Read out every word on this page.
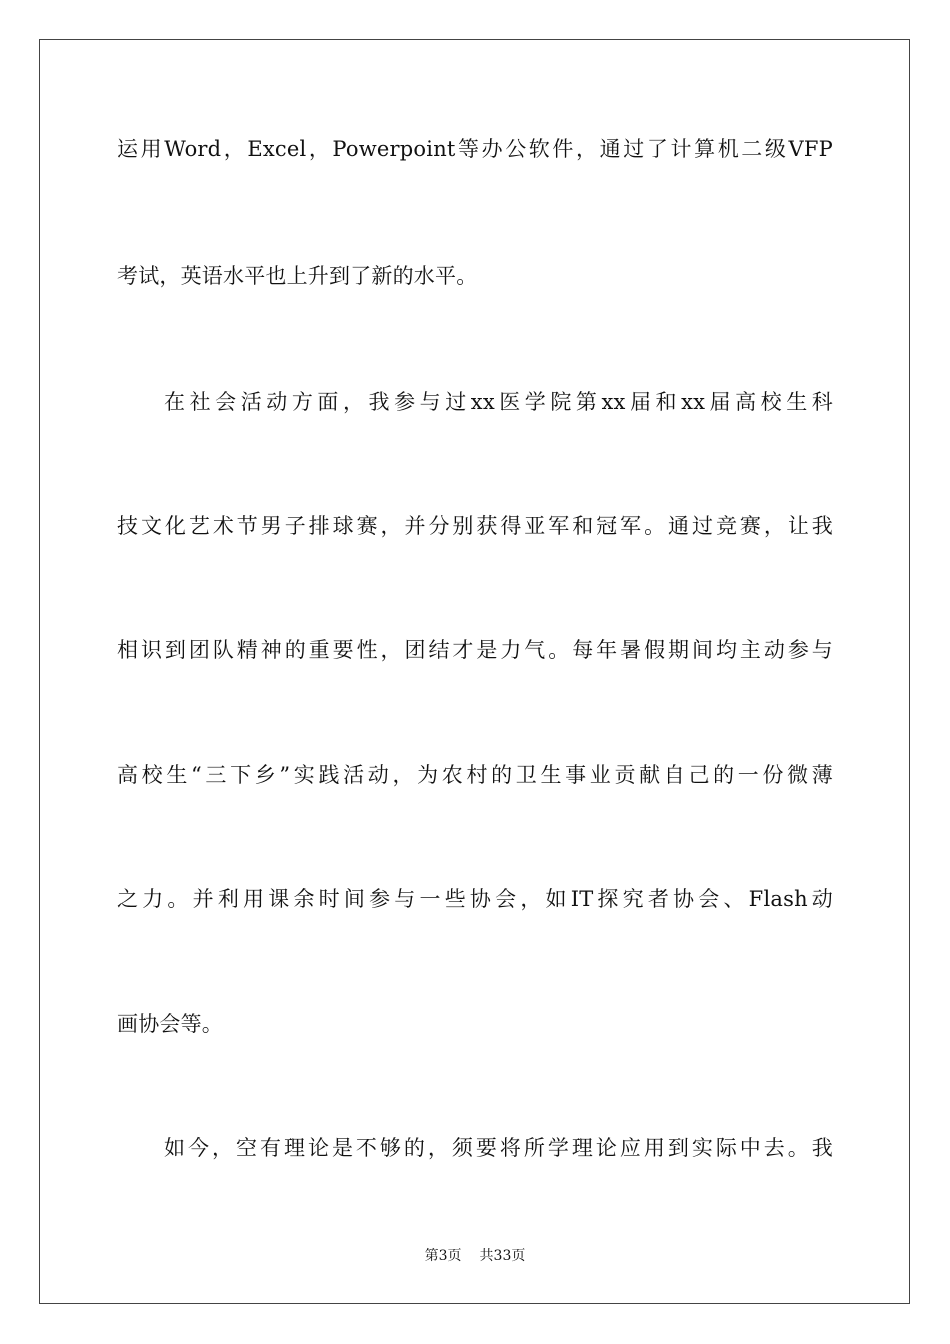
运用Word，Excel，Powerpoint等办公软件，通过了计算机二级VFP
考试，英语水平也上升到了新的水平。
在社会活动方面，我参与过xx医学院第xx届和xx届高校生科
技文化艺术节男子排球赛，并分别获得亚军和冠军。通过竞赛，让我
相识到团队精神的重要性，团结才是力气。每年暑假期间均主动参与
高校生“三下乡”实践活动，为农村的卫生事业贡献自己的一份微薄
之力。并利用课余时间参与一些协会，如IT探究者协会、Flash动
画协会等。
如今，空有理论是不够的，须要将所学理论应用到实际中去。我
第3页 共33页
